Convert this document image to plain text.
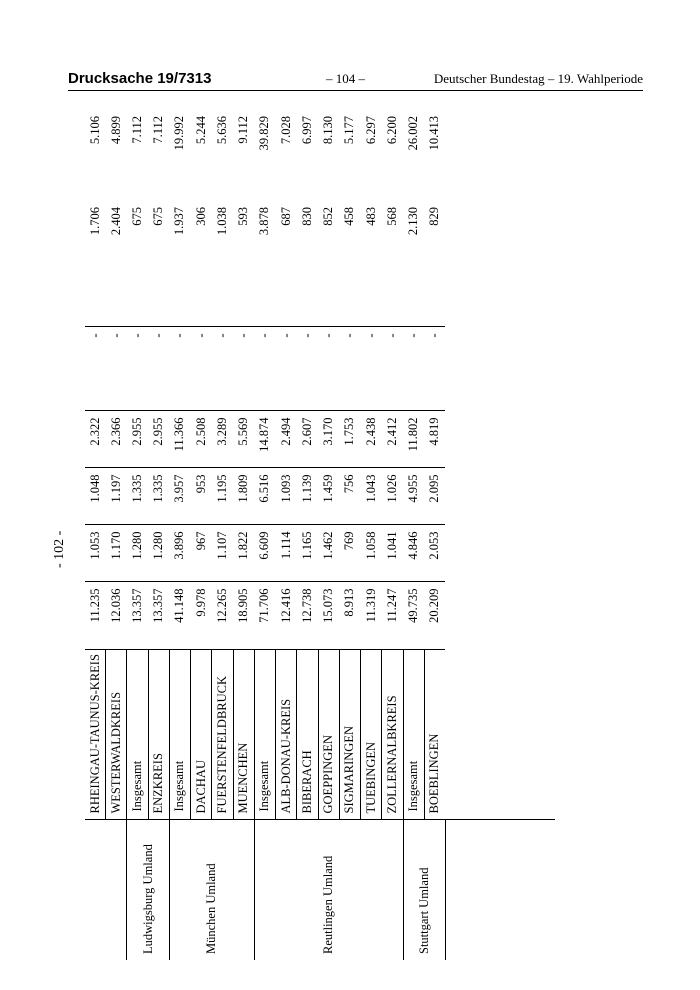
Drucksache 19/7313	– 104 –	Deutscher Bundestag – 19. Wahlperiode
- 102 -
	RHEINGAU-TAUNUS-KREIS	11.235	1.053	1.048	2.322	-	1.706	5.106
	WESTERWALDKREIS	12.036	1.170	1.197	2.366	-	2.404	4.899
Ludwigsburg Umland	Insgesamt	13.357	1.280	1.335	2.955	-	675	7.112
	ENZKREIS	13.357	1.280	1.335	2.955	-	675	7.112
München Umland	Insgesamt	41.148	3.896	3.957	11.366	-	1.937	19.992
	DACHAU	9.978	967	953	2.508	-	306	5.244
	FUERSTENFELDBRUCK	12.265	1.107	1.195	3.289	-	1.038	5.636
	MUENCHEN	18.905	1.822	1.809	5.569	-	593	9.112
Reutlingen Umland	Insgesamt	71.706	6.609	6.516	14.874	-	3.878	39.829
	ALB-DONAU-KREIS	12.416	1.114	1.093	2.494	-	687	7.028
	BIBERACH	12.738	1.165	1.139	2.607	-	830	6.997
	GOEPPINGEN	15.073	1.462	1.459	3.170	-	852	8.130
	SIGMARINGEN	8.913	769	756	1.753	-	458	5.177
	TUEBINGEN	11.319	1.058	1.043	2.438	-	483	6.297
	ZOLLERNALBKREIS	11.247	1.041	1.026	2.412	-	568	6.200
Stuttgart Umland	Insgesamt	49.735	4.846	4.955	11.802	-	2.130	26.002
	BOEBLINGEN	20.209	2.053	2.095	4.819	-	829	10.413
